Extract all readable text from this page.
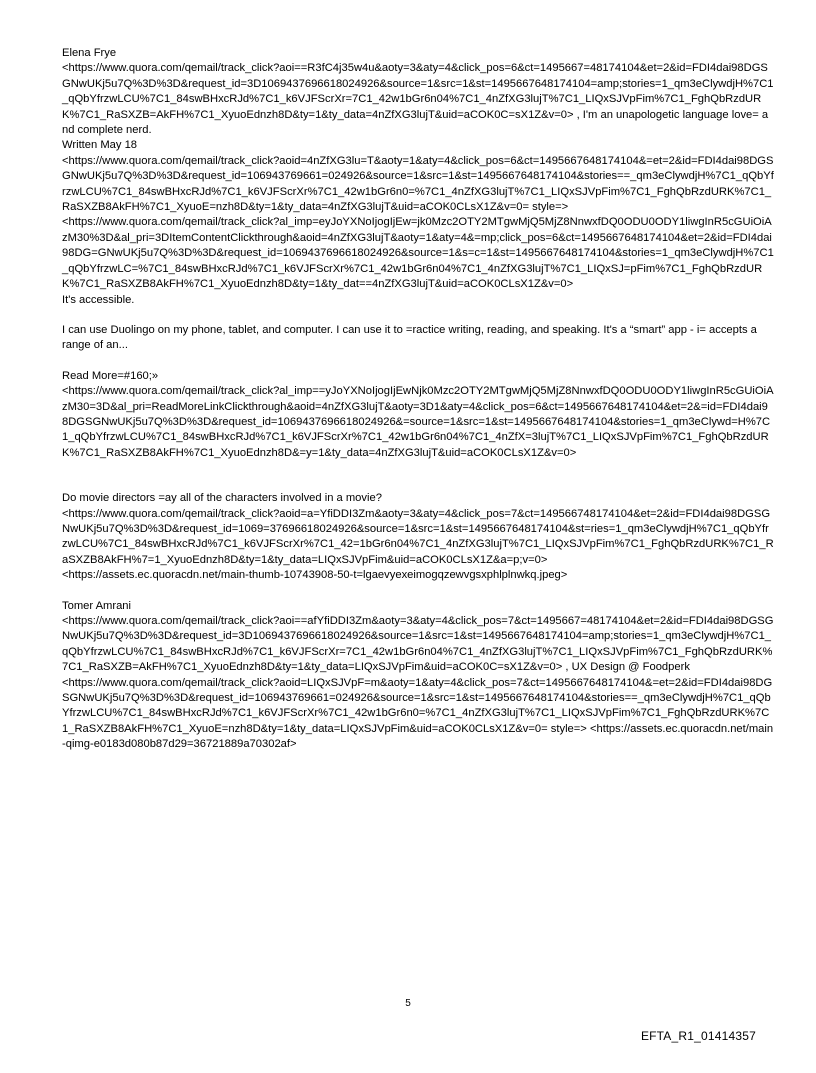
Elena Frye

<https://www.quora.com/qemail/track_click?aoi==R3fC4j35w4u&aoty=3&aty=4&click_pos=6&ct=1495667=48174104&et=2&id=FDI4dai98DGSGNwUKj5u7Q%3D%3D&request_id=3D1069437696618024926&source=1&src=1&st=1495667648174104=amp;stories=1_qm3eClywdjH%7C1_qQbYfrzwLCU%7C1_84swBHxcRJd%7C1_k6VJFScrXr=7C1_42w1bGr6n04%7C1_4nZfXG3lujT%7C1_LIQxSJVpFim%7C1_FghQbRzdURK%7C1_RaSXZB=AkFH%7C1_XyuoEdnzh8D&ty=1&ty_data=4nZfXG3lujT&uid=aCOK0C=sX1Z&v=0> , I'm an unapologetic language love= and complete nerd.

Written May 18

<https://www.quora.com/qemail/track_click?aoid=4nZfXG3lu=T&aoty=1&aty=4&click_pos=6&ct=1495667648174104&=et=2&id=FDI4dai98DGSGNwUKj5u7Q%3D%3D&request_id=106943769661=024926&source=1&src=1&st=1495667648174104&stories==_qm3eClywdjH%7C1_qQbYfrzwLCU%7C1_84swBHxcRJd%7C1_k6VJFScrXr%7C1_42w1bGr6n0=%7C1_4nZfXG3lujT%7C1_LIQxSJVpFim%7C1_FghQbRzdURK%7C1_RaSXZB8AkFH%7C1_XyuoE=nzh8D&ty=1&ty_data=4nZfXG3lujT&uid=aCOK0CLsX1Z&v=0= style=>

<https://www.quora.com/qemail/track_click?al_imp=eyJoYXNoIjogIjEw=jk0Mzc2OTY2MTgwMjQ5MjZ8NnwxfDQ0ODU0ODY1liwgInR5cGUiOiAzM30%3D&al_pri=3DItemContentClickthrough&aoid=4nZfXG3lujT&aoty=1&aty=4&=mp;click_pos=6&ct=1495667648174104&et=2&id=FDI4dai98DG=GNwUKj5u7Q%3D%3D&request_id=1069437696618024926&source=1&s=c=1&st=1495667648174104&stories=1_qm3eClywdjH%7C1_qQbYfrzwLC=%7C1_84swBHxcRJd%7C1_k6VJFScrXr%7C1_42w1bGr6n04%7C1_4nZfXG3lujT%7C1_LIQxSJ=pFim%7C1_FghQbRzdURK%7C1_RaSXZB8AkFH%7C1_XyuoEdnzh8D&ty=1&ty_dat==4nZfXG3lujT&uid=aCOK0CLsX1Z&v=0>

It's accessible.

I can use Duolingo on my phone, tablet, and computer. I can use it to =ractice writing, reading, and speaking. It's a “smart” app - i= accepts a range of an...

Read More=#160;»

<https://www.quora.com/qemail/track_click?al_imp==yJoYXNoIjogIjEwNjk0Mzc2OTY2MTgwMjQ5MjZ8NnwxfDQ0ODU0ODY1liwgInR5cGUiOiAzM30=3D&al_pri=ReadMoreLinkClickthrough&aoid=4nZfXG3lujT&aoty=3D1&aty=4&click_pos=6&ct=1495667648174104&et=2&=id=FDI4dai98DGSGNwUKj5u7Q%3D%3D&request_id=1069437696618024926&=source=1&src=1&st=1495667648174104&stories=1_qm3eClywd=H%7C1_qQbYfrzwLCU%7C1_84swBHxcRJd%7C1_k6VJFScrXr%7C1_42w1bGr6n04%7C1_4nZfX=3lujT%7C1_LIQxSJVpFim%7C1_FghQbRzdURK%7C1_RaSXZB8AkFH%7C1_XyuoEdnzh8D&=y=1&ty_data=4nZfXG3lujT&uid=aCOK0CLsX1Z&v=0>

Do movie directors =ay all of the characters involved in a movie?

<https://www.quora.com/qemail/track_click?aoid=a=YfiDDI3Zm&aoty=3&aty=4&click_pos=7&ct=149566748174104&et=2&id=FDI4dai98DGSGNwUKj5u7Q%3D%3D&request_id=1069=37696618024926&source=1&src=1&st=1495667648174104&st=ries=1_qm3eClywdjH%7C1_qQbYfrzwLCU%7C1_84swBHxcRJd%7C1_k6VJFScrXr%7C1_42=1bGr6n04%7C1_4nZfXG3lujT%7C1_LIQxSJVpFim%7C1_FghQbRzdURK%7C1_RaSXZB8AkFH%7=1_XyuoEdnzh8D&ty=1&ty_data=LIQxSJVpFim&uid=aCOK0CLsX1Z&a=p;v=0>

<https://assets.ec.quoracdn.net/main-thumb-10743908-50-t=lgaevyexeimogqzewvgsxphlplnwkq.jpeg>

Tomer Amrani

<https://www.quora.com/qemail/track_click?aoi==afYfiDDI3Zm&aoty=3&aty=4&click_pos=7&ct=1495667=48174104&et=2&id=FDI4dai98DGSGNwUKj5u7Q%3D%3D&request_id=3D1069437696618024926&source=1&src=1&st=1495667648174104=amp;stories=1_qm3eClywdjH%7C1_qQbYfrzwLCU%7C1_84swBHxcRJd%7C1_k6VJFScrXr=7C1_42w1bGr6n04%7C1_4nZfXG3lujT%7C1_LIQxSJVpFim%7C1_FghQbRzdURK%7C1_RaSXZB=AkFH%7C1_XyuoEdnzh8D&ty=1&ty_data=LIQxSJVpFim&uid=aCOK0C=sX1Z&v=0> , UX Design @ Foodperk

<https://www.quora.com/qemail/track_click?aoid=LIQxSJVpF=m&aoty=1&aty=4&click_pos=7&ct=1495667648174104&=et=2&id=FDI4dai98DGSGNwUKj5u7Q%3D%3D&request_id=106943769661=024926&source=1&src=1&st=1495667648174104&stories==_qm3eClywdjH%7C1_qQbYfrzwLCU%7C1_84swBHxcRJd%7C1_k6VJFScrXr%7C1_42w1bGr6n0=%7C1_4nZfXG3lujT%7C1_LIQxSJVpFim%7C1_FghQbRzdURK%7C1_RaSXZB8AkFH%7C1_XyuoE=nzh8D&ty=1&ty_data=LIQxSJVpFim&uid=aCOK0CLsX1Z&v=0= style=> <https://assets.ec.quoracdn.net/main-qimg-e0183d080b87d29=36721889a70302af>

5
EFTA_R1_01414357
